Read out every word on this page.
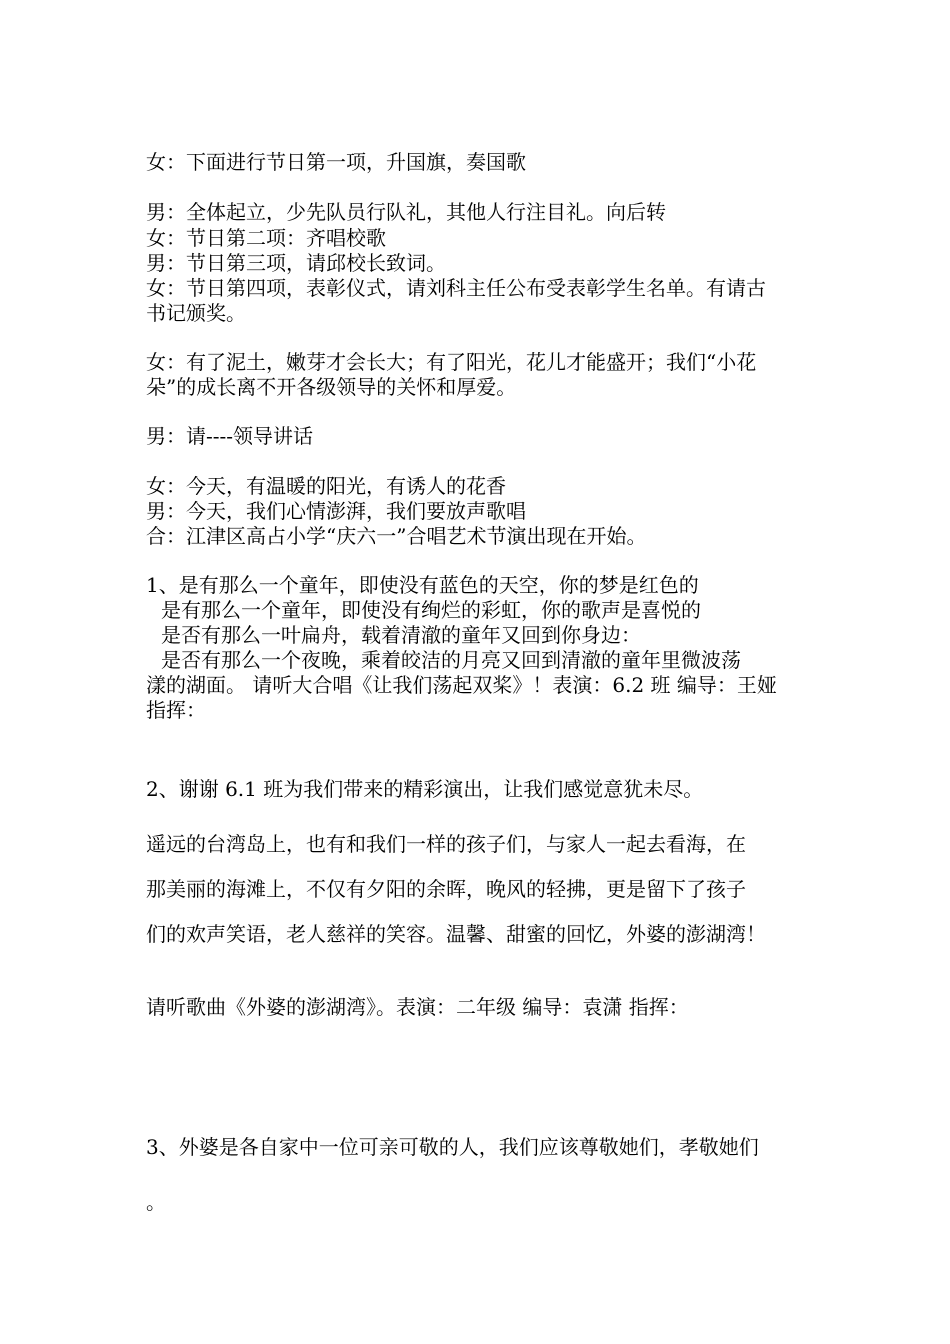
女：下面进行节日第一项，升国旗，奏国歌
男：全体起立，少先队员行队礼，其他人行注目礼。向后转
女：节日第二项：齐唱校歌
男：节日第三项，请邱校长致词。
女：节日第四项，表彰仪式，请刘科主任公布受表彰学生名单。有请古
书记颁奖。
女：有了泥土，嫩芽才会长大；有了阳光，花儿才能盛开；我们“小花
朵”的成长离不开各级领导的关怀和厚爱。
男：请----领导讲话
女：今天，有温暖的阳光，有诱人的花香
男：今天，我们心情澎湃，我们要放声歌唱
合：江津区高占小学“庆六一”合唱艺术节演出现在开始。
1、是有那么一个童年，即使没有蓝色的天空，你的梦是红色的
是有那么一个童年，即使没有绚烂的彩虹，你的歌声是喜悦的
是否有那么一叶扁舟，载着清澈的童年又回到你身边：
是否有那么一个夜晚，乘着皎洁的月亮又回到清澈的童年里微波荡
漾的湖面。 请听大合唱《让我们荡起双桨》！表演：6.2 班 编导：王娅
指挥：
2、谢谢 6.1 班为我们带来的精彩演出，让我们感觉意犹未尽。
遥远的台湾岛上，也有和我们一样的孩子们，与家人一起去看海，在
那美丽的海滩上，不仅有夕阳的余晖，晚风的轻拂，更是留下了孩子
们的欢声笑语，老人慈祥的笑容。温馨、甜蜜的回忆，外婆的澎湖湾！
请听歌曲《外婆的澎湖湾》。表演：二年级 编导：袁潇 指挥：
3、外婆是各自家中一位可亲可敬的人，我们应该尊敬她们，孝敬她们
。
